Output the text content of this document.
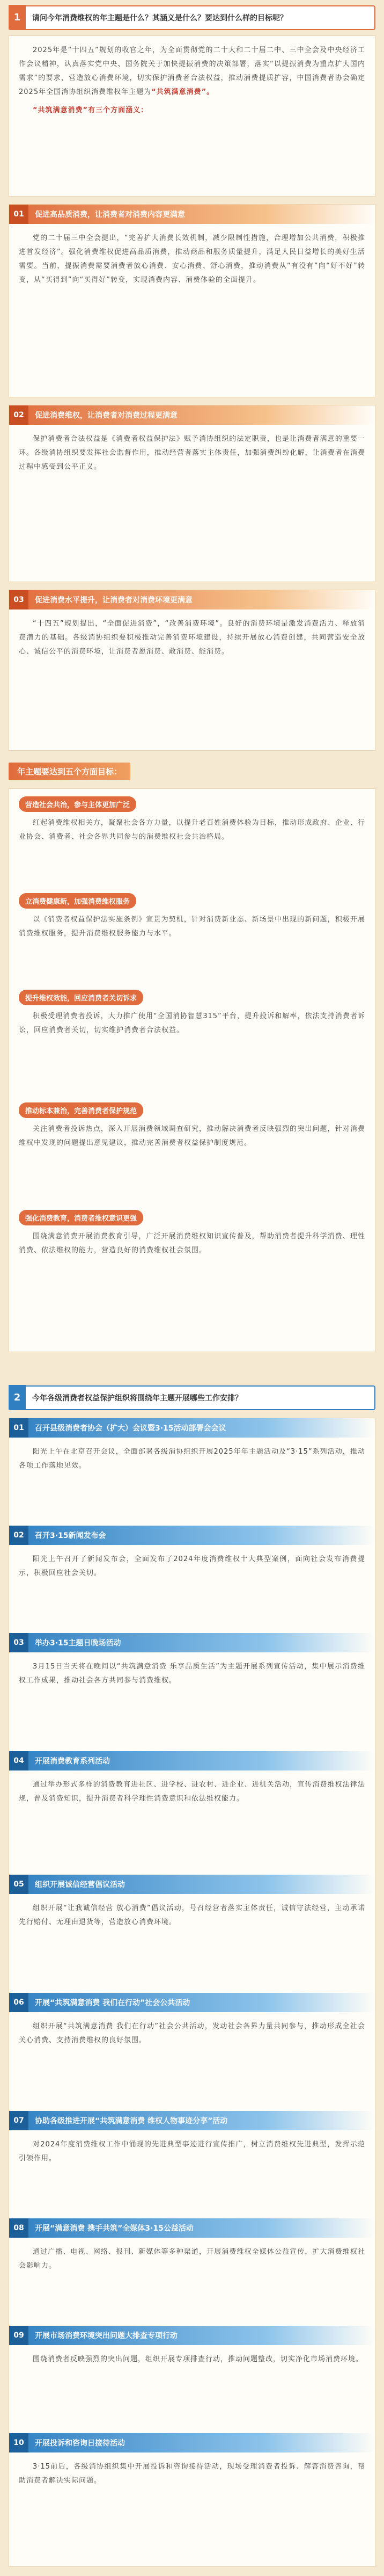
1	请问今年消费维权的年主题是什么？其涵义是什么？要达到什么样的目标呢？

2025年是“十四五”规划的收官之年，为全面贯彻党的二十大和二十届二中、三中全会及中央经济工作会议精神，认真落实党中央、国务院关于加快提振消费的决策部署，落实“以提振消费为重点扩大国内需求”的要求，营造放心消费环境，切实保护消费者合法权益，推动消费提质扩容，中国消费者协会确定2025年全国消协组织消费维权年主题为“共筑满意消费”。

“共筑满意消费”有三个方面涵义：

01	促进高品质消费，让消费者对消费内容更满意

党的二十届三中全会提出，“完善扩大消费长效机制，减少限制性措施，合理增加公共消费，积极推进首发经济”。强化消费维权促进高品质消费，推动商品和服务质量提升，满足人民日益增长的美好生活需要。当前，提振消费需要消费者放心消费、安心消费、舒心消费，推动消费从“有没有”向“好不好”转变，从“买得到”向“买得好”转变，实现消费内容、消费体验的全面提升。

02	促进消费维权，让消费者对消费过程更满意

保护消费者合法权益是《消费者权益保护法》赋予消协组织的法定职责，也是让消费者满意的重要一环。各级消协组织要发挥社会监督作用，推动经营者落实主体责任，加强消费纠纷化解，让消费者在消费过程中感受到公平正义。

03	促进消费水平提升，让消费者对消费环境更满意

“十四五”规划提出，“全面促进消费”，“改善消费环境”。良好的消费环境是激发消费活力、释放消费潜力的基础。各级消协组织要积极推动完善消费环境建设，持续开展放心消费创建，共同营造安全放心、诚信公平的消费环境，让消费者愿消费、敢消费、能消费。

年主题要达到五个方面目标：
营造社会共治，参与主体更加广泛

红起消费维权相关方，凝聚社会各方力量，以提升老百姓消费体验为目标，推动形成政府、企业、行业协会、消费者、社会各界共同参与的消费维权社会共治格局。

立消费健康新，加强消费维权服务

以《消费者权益保护法实施条例》宣贯为契机，针对消费新业态、新场景中出现的新问题，积极开展消费维权服务，提升消费维权服务能力与水平。

提升维权效能，回应消费者关切诉求

积极受理消费者投诉，大力推广使用“全国消协智慧315”平台，提升投诉和解率，依法支持消费者诉讼，回应消费者关切，切实维护消费者合法权益。

推动标本兼治，完善消费者保护规范

关注消费者投诉热点，深入开展消费领域调查研究，推动解决消费者反映强烈的突出问题，针对消费维权中发现的问题提出意见建议，推动完善消费者权益保护制度规范。

强化消费教育，消费者维权意识更强

围绕满意消费开展消费教育引导，广泛开展消费维权知识宣传普及，帮助消费者提升科学消费、理性消费、依法维权的能力，营造良好的消费维权社会氛围。

2	今年各级消费者权益保护组织将围绕年主题开展哪些工作安排？
01	召开县级消费者协会（扩大）会议暨3·15活动部署会会议

阳光上午在北京召开会议，全面部署各级消协组织开展2025年年主题活动及“3·15”系列活动，推动各项工作落地见效。

02	召开3·15新闻发布会

阳光上午召开了新闻发布会，全面发布了2024年度消费维权十大典型案例，面向社会发布消费提示，积极回应社会关切。

03	举办3·15主题日晚场活动

3月15日当天将在晚间以“共筑满意消费 乐享品质生活”为主题开展系列宣传活动，集中展示消费维权工作成果，推动社会各方共同参与消费维权。

04	开展消费教育系列活动

通过举办形式多样的消费教育进社区、进学校、进农村、进企业、进机关活动，宣传消费维权法律法规，普及消费知识，提升消费者科学理性消费意识和依法维权能力。

05	组织开展诚信经营倡议活动

组织开展“让我诚信经营 放心消费”倡议活动，号召经营者落实主体责任，诚信守法经营，主动承诺先行赔付、无理由退货等，营造放心消费环境。

06	开展“共筑满意消费 我们在行动”社会公共活动

组织开展“共筑满意消费 我们在行动”社会公共活动，发动社会各界力量共同参与，推动形成全社会关心消费、支持消费维权的良好氛围。

07	协助各级推进开展“共筑满意消费 维权人物事迹分享”活动

对2024年度消费维权工作中涌现的先进典型事迹进行宣传推广，树立消费维权先进典型，发挥示范引领作用。

08	开展“满意消费 携手共筑”全媒体3·15公益活动

通过广播、电视、网络、报刊、新媒体等多种渠道，开展消费维权全媒体公益宣传，扩大消费维权社会影响力。

09	开展市场消费环境突出问题大排查专项行动

围绕消费者反映强烈的突出问题，组织开展专项排查行动，推动问题整改，切实净化市场消费环境。

10	开展投诉和咨询日接待活动

3·15前后，各级消协组织集中开展投诉和咨询接待活动，现场受理消费者投诉、解答消费咨询，帮助消费者解决实际问题。
